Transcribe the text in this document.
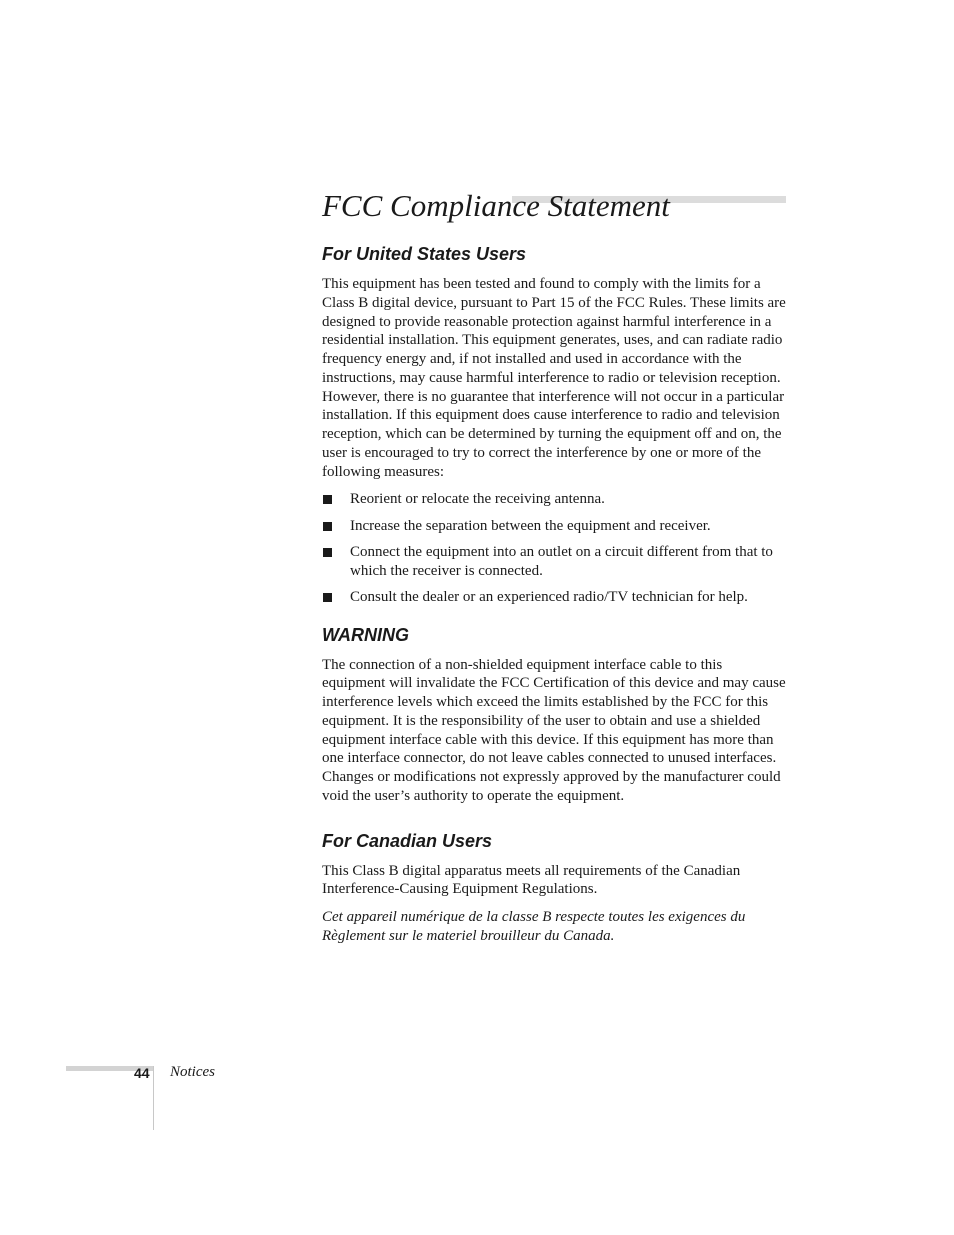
FCC Compliance Statement
For United States Users

This equipment has been tested and found to comply with the limits for a Class B digital device, pursuant to Part 15 of the FCC Rules. These limits are designed to provide reasonable protection against harmful interference in a residential installation. This equipment generates, uses, and can radiate radio frequency energy and, if not installed and used in accordance with the instructions, may cause harmful interference to radio or television reception. However, there is no guarantee that interference will not occur in a particular installation. If this equipment does cause interference to radio and television reception, which can be determined by turning the equipment off and on, the user is encouraged to try to correct the interference by one or more of the following measures:

Reorient or relocate the receiving antenna.
Increase the separation between the equipment and receiver.
Connect the equipment into an outlet on a circuit different from that to which the receiver is connected.
Consult the dealer or an experienced radio/TV technician for help.
WARNING

The connection of a non-shielded equipment interface cable to this equipment will invalidate the FCC Certification of this device and may cause interference levels which exceed the limits established by the FCC for this equipment. It is the responsibility of the user to obtain and use a shielded equipment interface cable with this device. If this equipment has more than one interface connector, do not leave cables connected to unused interfaces. Changes or modifications not expressly approved by the manufacturer could void the user’s authority to operate the equipment.

For Canadian Users

This Class B digital apparatus meets all requirements of the Canadian Interference-Causing Equipment Regulations.

Cet appareil numérique de la classe B respecte toutes les exigences du Règlement sur le materiel brouilleur du Canada.

44 Notices
